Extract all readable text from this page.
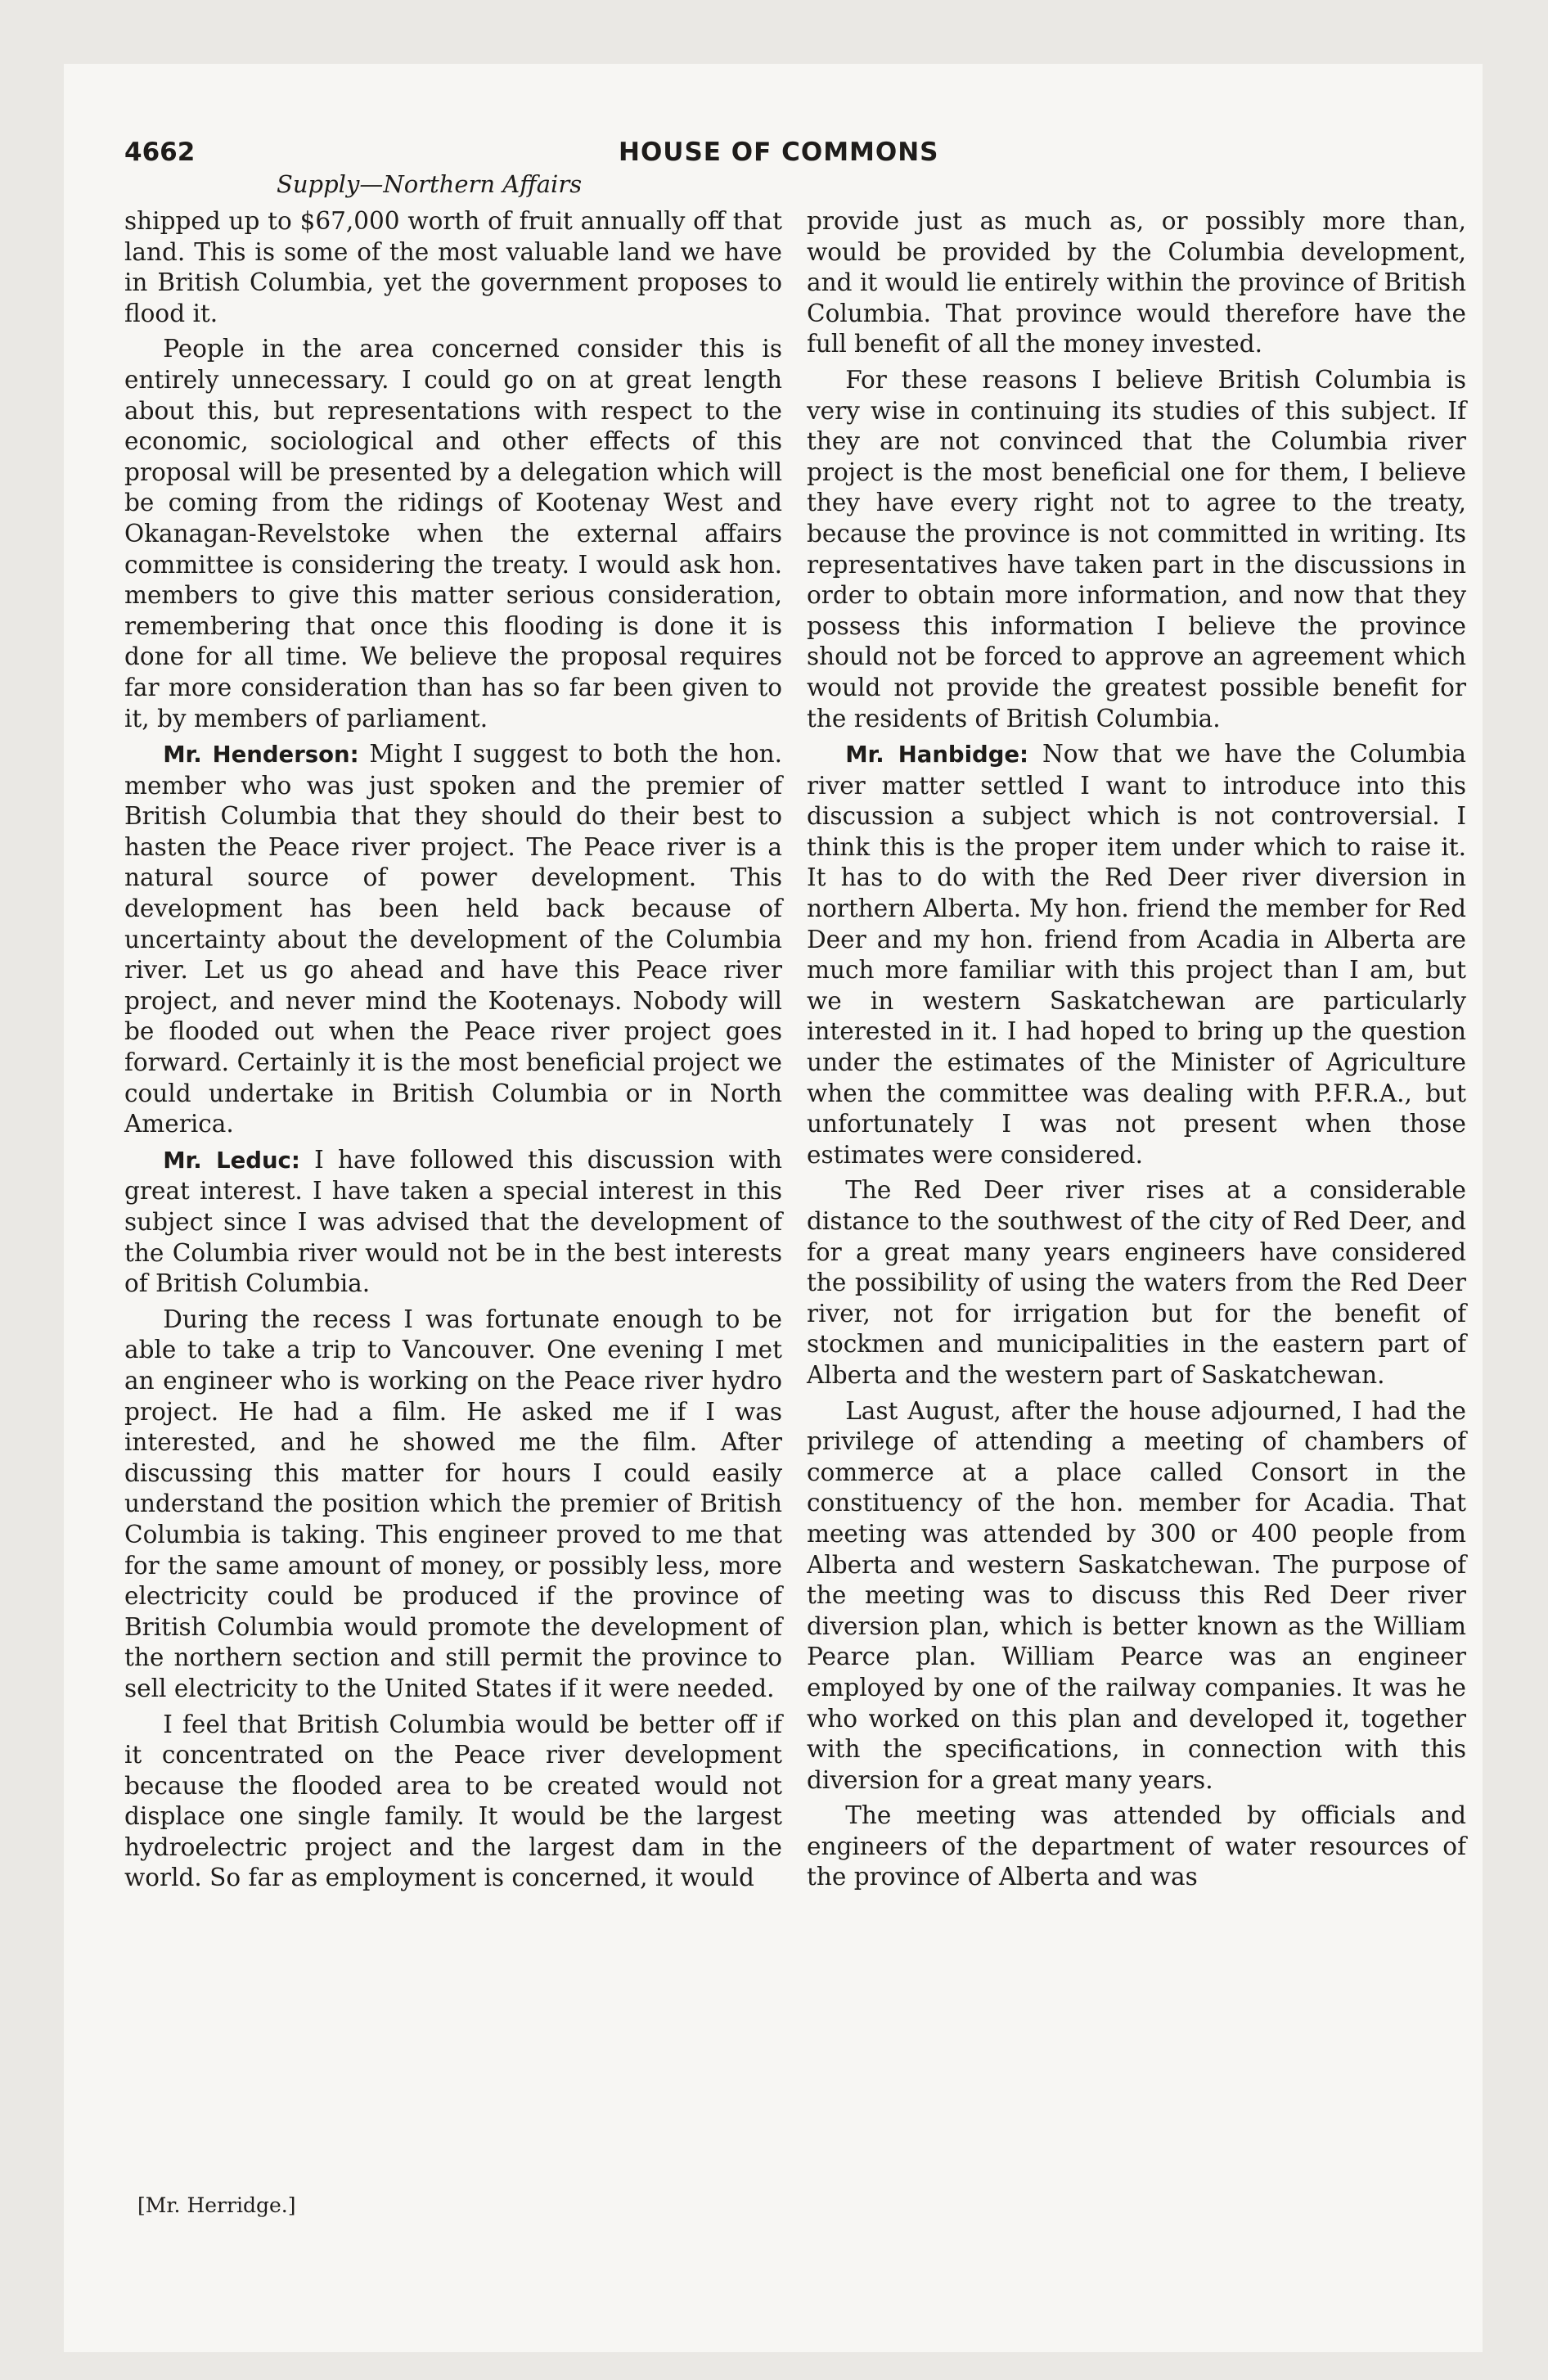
4662	HOUSE OF COMMONS
Supply—Northern Affairs

shipped up to $67,000 worth of fruit annually off that land. This is some of the most valuable land we have in British Columbia, yet the government proposes to flood it.

People in the area concerned consider this is entirely unnecessary. I could go on at great length about this, but representations with respect to the economic, sociological and other effects of this proposal will be presented by a delegation which will be coming from the ridings of Kootenay West and Okanagan-Revelstoke when the external affairs committee is considering the treaty. I would ask hon. members to give this matter serious consideration, remembering that once this flooding is done it is done for all time. We believe the proposal requires far more consideration than has so far been given to it, by members of parliament.

Mr. Henderson: Might I suggest to both the hon. member who was just spoken and the premier of British Columbia that they should do their best to hasten the Peace river project. The Peace river is a natural source of power development. This development has been held back because of uncertainty about the development of the Columbia river. Let us go ahead and have this Peace river project, and never mind the Kootenays. Nobody will be flooded out when the Peace river project goes forward. Certainly it is the most beneficial project we could undertake in British Columbia or in North America.

Mr. Leduc: I have followed this discussion with great interest. I have taken a special interest in this subject since I was advised that the development of the Columbia river would not be in the best interests of British Columbia.

During the recess I was fortunate enough to be able to take a trip to Vancouver. One evening I met an engineer who is working on the Peace river hydro project. He had a film. He asked me if I was interested, and he showed me the film. After discussing this matter for hours I could easily understand the position which the premier of British Columbia is taking. This engineer proved to me that for the same amount of money, or possibly less, more electricity could be produced if the province of British Columbia would promote the development of the northern section and still permit the province to sell electricity to the United States if it were needed.

I feel that British Columbia would be better off if it concentrated on the Peace river development because the flooded area to be created would not displace one single family. It would be the largest hydroelectric project and the largest dam in the world. So far as employment is concerned, it would

provide just as much as, or possibly more than, would be provided by the Columbia development, and it would lie entirely within the province of British Columbia. That province would therefore have the full benefit of all the money invested.

For these reasons I believe British Columbia is very wise in continuing its studies of this subject. If they are not convinced that the Columbia river project is the most beneficial one for them, I believe they have every right not to agree to the treaty, because the province is not committed in writing. Its representatives have taken part in the discussions in order to obtain more information, and now that they possess this information I believe the province should not be forced to approve an agreement which would not provide the greatest possible benefit for the residents of British Columbia.

Mr. Hanbidge: Now that we have the Columbia river matter settled I want to introduce into this discussion a subject which is not controversial. I think this is the proper item under which to raise it. It has to do with the Red Deer river diversion in northern Alberta. My hon. friend the member for Red Deer and my hon. friend from Acadia in Alberta are much more familiar with this project than I am, but we in western Saskatchewan are particularly interested in it. I had hoped to bring up the question under the estimates of the Minister of Agriculture when the committee was dealing with P.F.R.A., but unfortunately I was not present when those estimates were considered.

The Red Deer river rises at a considerable distance to the southwest of the city of Red Deer, and for a great many years engineers have considered the possibility of using the waters from the Red Deer river, not for irrigation but for the benefit of stockmen and municipalities in the eastern part of Alberta and the western part of Saskatchewan.

Last August, after the house adjourned, I had the privilege of attending a meeting of chambers of commerce at a place called Consort in the constituency of the hon. member for Acadia. That meeting was attended by 300 or 400 people from Alberta and western Saskatchewan. The purpose of the meeting was to discuss this Red Deer river diversion plan, which is better known as the William Pearce plan. William Pearce was an engineer employed by one of the railway companies. It was he who worked on this plan and developed it, together with the specifications, in connection with this diversion for a great many years.

The meeting was attended by officials and engineers of the department of water resources of the province of Alberta and was

[Mr. Herridge.]
